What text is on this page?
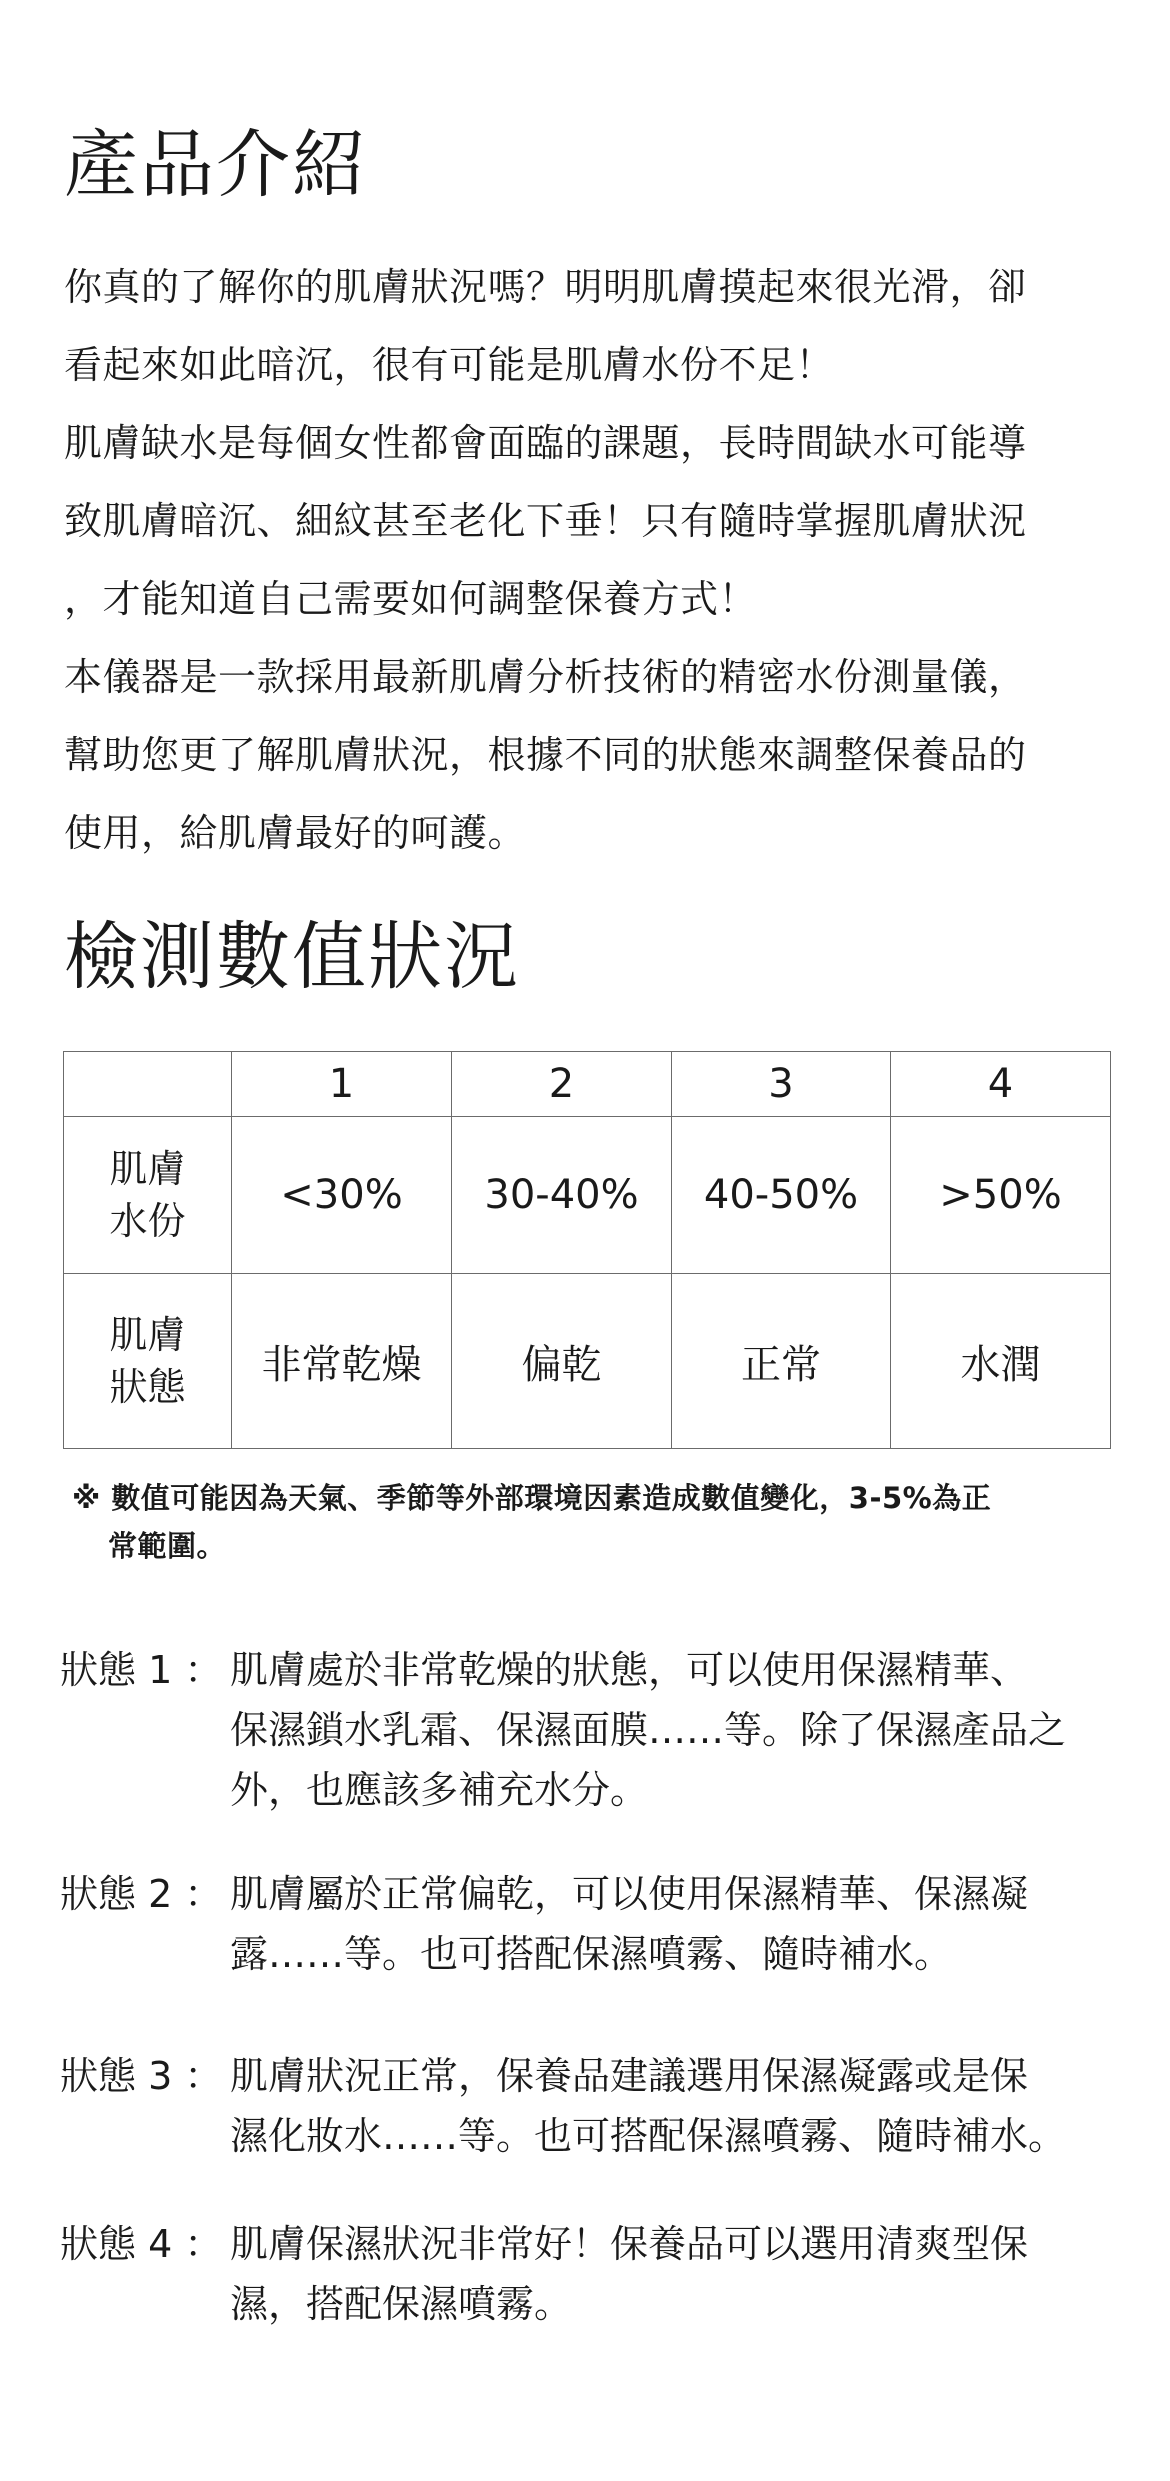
產品介紹
你真的了解你的肌膚狀況嗎？明明肌膚摸起來很光滑，卻
看起來如此暗沉，很有可能是肌膚水份不足！
肌膚缺水是每個女性都會面臨的課題，長時間缺水可能導
致肌膚暗沉、細紋甚至老化下垂！只有隨時掌握肌膚狀況
，才能知道自己需要如何調整保養方式！
本儀器是一款採用最新肌膚分析技術的精密水份測量儀，
幫助您更了解肌膚狀況，根據不同的狀態來調整保養品的
使用，給肌膚最好的呵護。
檢測數值狀況
	1	2	3	4

肌膚
水份	<30%	30-40%	40-50%	>50%

肌膚
狀態	非常乾燥	偏乾	正常	水潤
※ 數值可能因為天氣、季節等外部環境因素造成數值變化，3-5%為正
常範圍。
狀態 1 ： 肌膚處於非常乾燥的狀態，可以使用保濕精華、
保濕鎖水乳霜、保濕面膜……等。除了保濕產品之
外，也應該多補充水分。
狀態 2 ： 肌膚屬於正常偏乾，可以使用保濕精華、保濕凝
露……等。也可搭配保濕噴霧、隨時補水。
狀態 3 ： 肌膚狀況正常，保養品建議選用保濕凝露或是保
濕化妝水……等。也可搭配保濕噴霧、隨時補水。
狀態 4 ： 肌膚保濕狀況非常好！保養品可以選用清爽型保
濕，搭配保濕噴霧。
